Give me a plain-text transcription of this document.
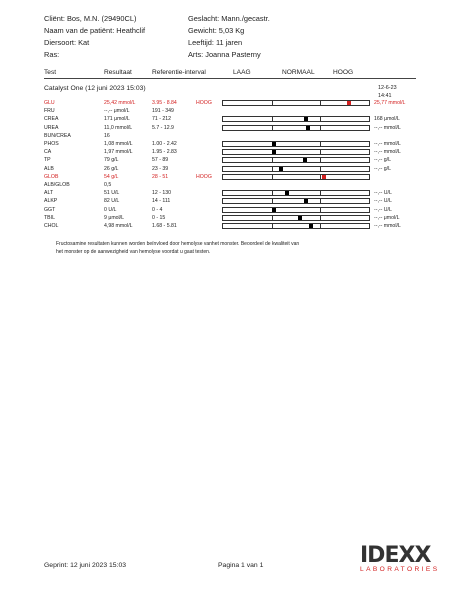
Cliënt: Bos, M.N. (29490CL)
Naam van de patiënt: Heathclif
Diersoort: Kat
Ras:
Geslacht: Mann./gecastr.
Gewicht: 5,03 Kg
Leeftijd: 11 jaren
Arts: Joanna Pasterny
Test	Resultaat	Referentie-interval	LAAG	NORMAAL	HOOG
Catalyst One (12 juni 2023 15:03)	12-6-23
14:41
GLU	25,42 mmol/L	3.95 - 8.84	HOOG	25,77 mmol/L
FRU	--,-- μmol/L	191 - 349
CREA	171 μmol/L	71 - 212	168 μmol/L
UREA	11,0 mmol/L	5.7 - 12.9	--,-- mmol/L
BUN/CREA	16
PHOS	1,08 mmol/L	1.00 - 2.42	--,-- mmol/L
CA	1,97 mmol/L	1.95 - 2.83	--,-- mmol/L
TP	79 g/L	57 - 89	--,-- g/L
ALB	26 g/L	23 - 39	--,-- g/L
GLOB	54 g/L	28 - 51	HOOG
ALB/GLOB	0,5
ALT	51 U/L	12 - 130	--,-- U/L
ALKP	82 U/L	14 - 111	--,-- U/L
GGT	0 U/L	0 - 4	--,-- U/L
TBIL	9 μmol/L	0 - 15	--,-- μmol/L
CHOL	4,98 mmol/L	1.68 - 5.81	--,-- mmol/L
Fructosamine resultaten kunnen worden beïnvloed door hemolyse vanhet monster. Beoordeel de kwaliteit van
het monster op de aanwezigheid van hemolyse voordat u gaat testen.
Geprint: 12 juni 2023 15:03	Pagina 1 van 1	IDEXX
LABORATORIES
